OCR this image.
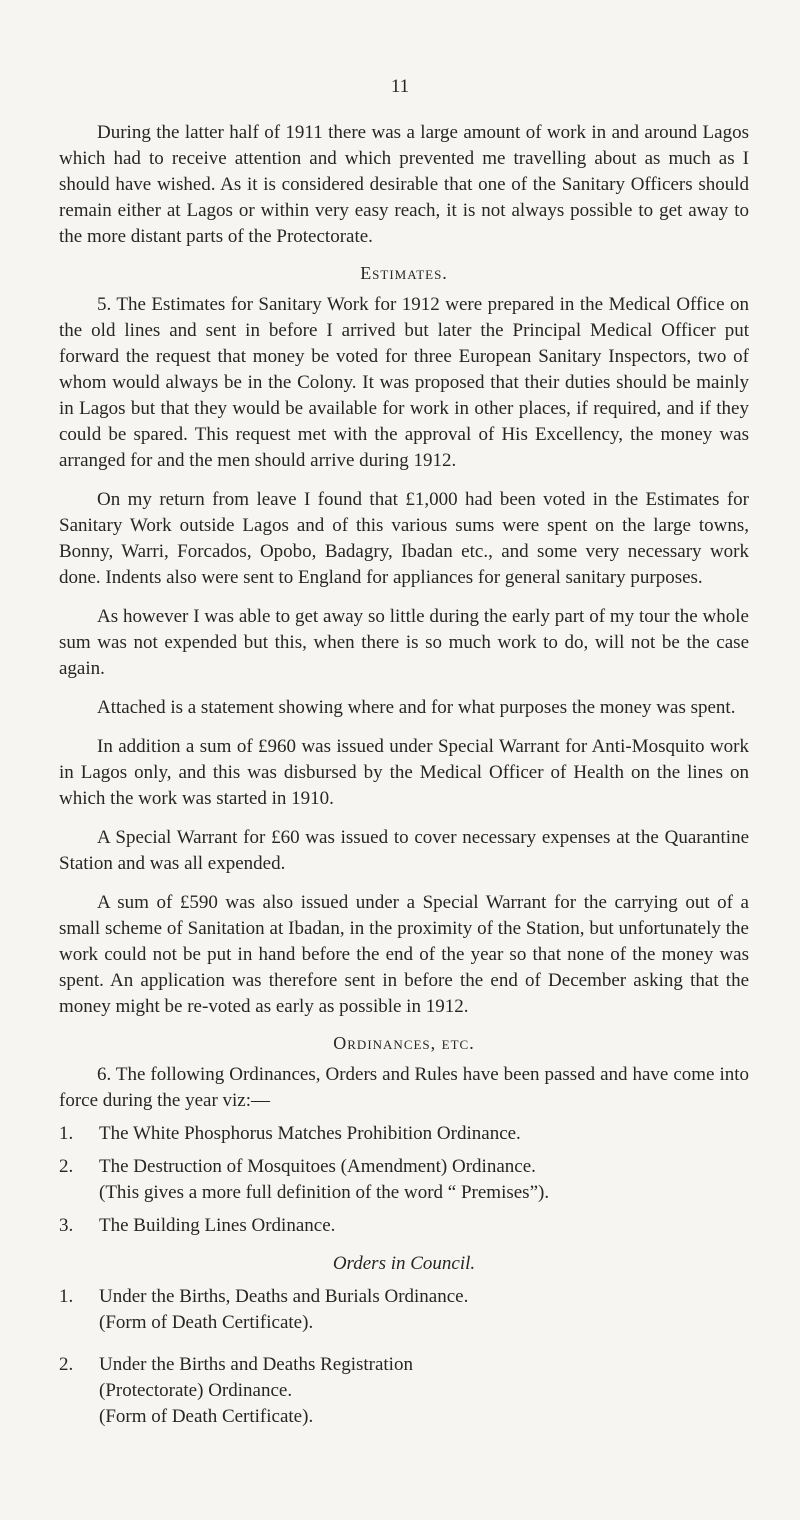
11

During the latter half of 1911 there was a large amount of work in and around Lagos which had to receive attention and which prevented me travelling about as much as I should have wished. As it is considered desirable that one of the Sanitary Officers should remain either at Lagos or within very easy reach, it is not always possible to get away to the more distant parts of the Protectorate.

Estimates.

5. The Estimates for Sanitary Work for 1912 were prepared in the Medical Office on the old lines and sent in before I arrived but later the Principal Medical Officer put forward the request that money be voted for three European Sanitary Inspectors, two of whom would always be in the Colony. It was proposed that their duties should be mainly in Lagos but that they would be available for work in other places, if required, and if they could be spared. This request met with the approval of His Excellency, the money was arranged for and the men should arrive during 1912.

On my return from leave I found that £1,000 had been voted in the Estimates for Sanitary Work outside Lagos and of this various sums were spent on the large towns, Bonny, Warri, Forcados, Opobo, Badagry, Ibadan etc., and some very necessary work done. Indents also were sent to England for appliances for general sanitary purposes.

As however I was able to get away so little during the early part of my tour the whole sum was not expended but this, when there is so much work to do, will not be the case again.

Attached is a statement showing where and for what purposes the money was spent.

In addition a sum of £960 was issued under Special Warrant for Anti-Mosquito work in Lagos only, and this was disbursed by the Medical Officer of Health on the lines on which the work was started in 1910.

A Special Warrant for £60 was issued to cover necessary expenses at the Quarantine Station and was all expended.

A sum of £590 was also issued under a Special Warrant for the carrying out of a small scheme of Sanitation at Ibadan, in the proximity of the Station, but unfortunately the work could not be put in hand before the end of the year so that none of the money was spent. An application was therefore sent in before the end of December asking that the money might be re-voted as early as possible in 1912.

Ordinances, etc.

6. The following Ordinances, Orders and Rules have been passed and have come into force during the year viz:—

1. The White Phosphorus Matches Prohibition Ordinance.
2. The Destruction of Mosquitoes (Amendment) Ordinance.
(This gives a more full definition of the word “ Premises”).
3. The Building Lines Ordinance.
Orders in Council.
1. Under the Births, Deaths and Burials Ordinance.
(Form of Death Certificate).
2. Under the Births and Deaths Registration
(Protectorate) Ordinance.
(Form of Death Certificate).
